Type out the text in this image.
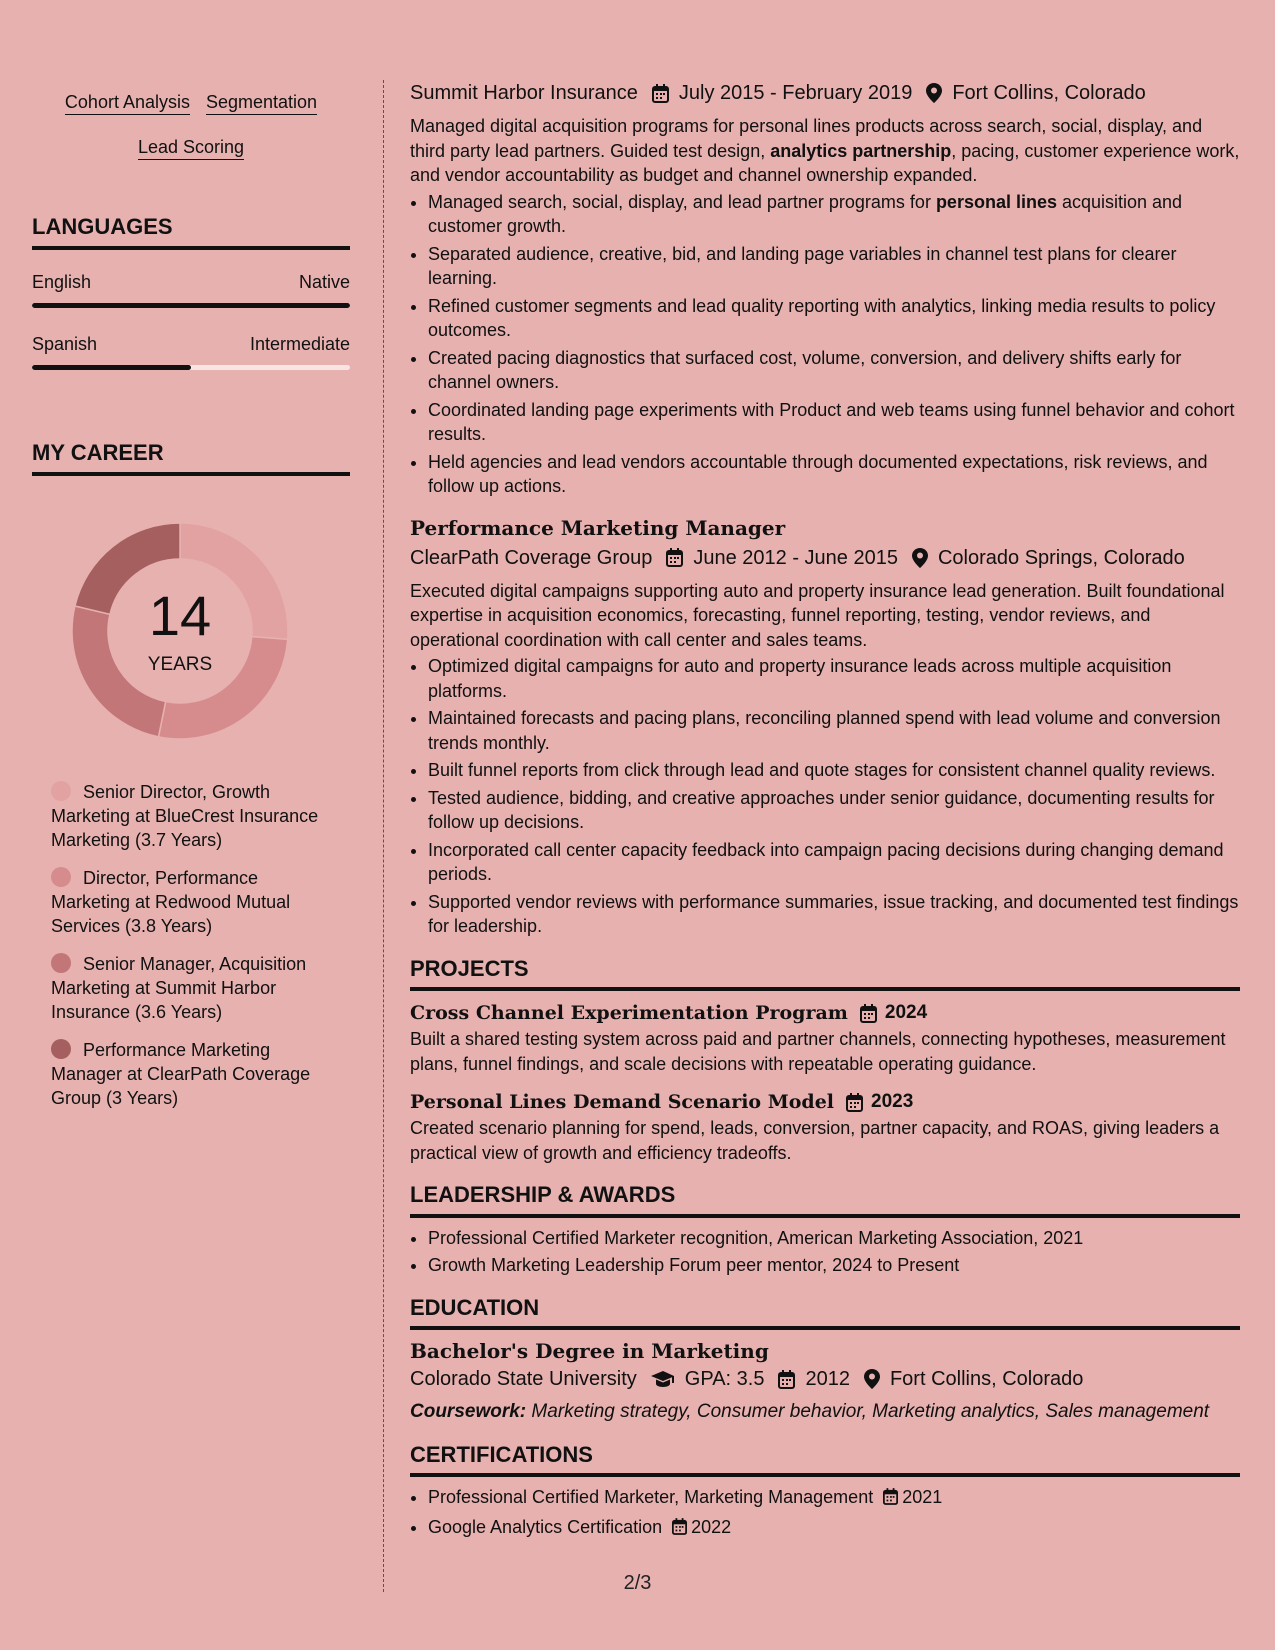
Cohort Analysis Segmentation
Lead Scoring
LANGUAGES
English	Native
Spanish	Intermediate
MY CAREER
14
YEARS
Senior Director, Growth Marketing at BlueCrest Insurance Marketing (3.7 Years)
Director, Performance Marketing at Redwood Mutual Services (3.8 Years)
Senior Manager, Acquisition Marketing at Summit Harbor Insurance (3.6 Years)
Performance Marketing Manager at ClearPath Coverage Group (3 Years)
Summit Harbor Insurance July 2015 - February 2019 Fort Collins, Colorado
Managed digital acquisition programs for personal lines products across search, social, display, and third party lead partners. Guided test design, analytics partnership, pacing, customer experience work, and vendor accountability as budget and channel ownership expanded.
• Managed search, social, display, and lead partner programs for personal lines acquisition and customer growth.
• Separated audience, creative, bid, and landing page variables in channel test plans for clearer learning.
• Refined customer segments and lead quality reporting with analytics, linking media results to policy outcomes.
• Created pacing diagnostics that surfaced cost, volume, conversion, and delivery shifts early for channel owners.
• Coordinated landing page experiments with Product and web teams using funnel behavior and cohort results.
• Held agencies and lead vendors accountable through documented expectations, risk reviews, and follow up actions.
Performance Marketing Manager
ClearPath Coverage Group June 2012 - June 2015 Colorado Springs, Colorado
Executed digital campaigns supporting auto and property insurance lead generation. Built foundational expertise in acquisition economics, forecasting, funnel reporting, testing, vendor reviews, and operational coordination with call center and sales teams.
• Optimized digital campaigns for auto and property insurance leads across multiple acquisition platforms.
• Maintained forecasts and pacing plans, reconciling planned spend with lead volume and conversion trends monthly.
• Built funnel reports from click through lead and quote stages for consistent channel quality reviews.
• Tested audience, bidding, and creative approaches under senior guidance, documenting results for follow up decisions.
• Incorporated call center capacity feedback into campaign pacing decisions during changing demand periods.
• Supported vendor reviews with performance summaries, issue tracking, and documented test findings for leadership.
PROJECTS
Cross Channel Experimentation Program 2024
Built a shared testing system across paid and partner channels, connecting hypotheses, measurement plans, funnel findings, and scale decisions with repeatable operating guidance.
Personal Lines Demand Scenario Model 2023
Created scenario planning for spend, leads, conversion, partner capacity, and ROAS, giving leaders a practical view of growth and efficiency tradeoffs.
LEADERSHIP & AWARDS
• Professional Certified Marketer recognition, American Marketing Association, 2021
• Growth Marketing Leadership Forum peer mentor, 2024 to Present
EDUCATION
Bachelor's Degree in Marketing
Colorado State University GPA: 3.5 2012 Fort Collins, Colorado
Coursework: Marketing strategy, Consumer behavior, Marketing analytics, Sales management
CERTIFICATIONS
• Professional Certified Marketer, Marketing Management 2021
• Google Analytics Certification 2022
2/3
